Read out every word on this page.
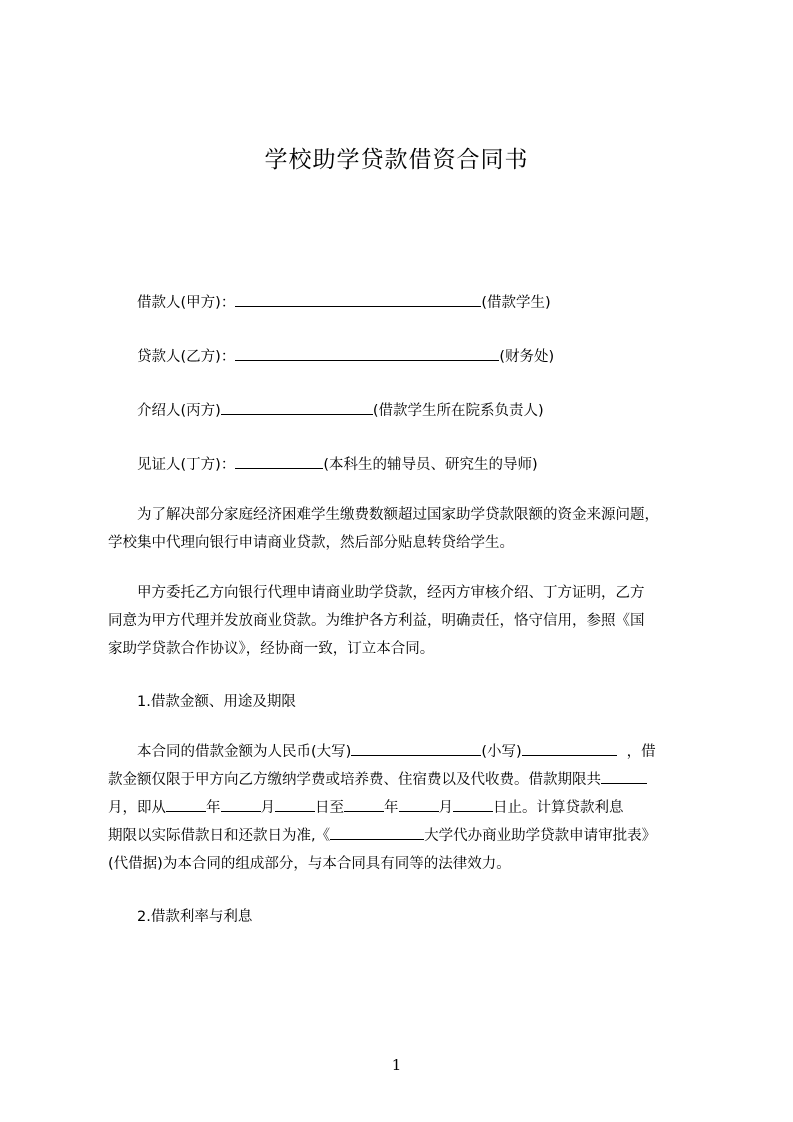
学校助学贷款借资合同书
借款人(甲方)：	(借款学生)
贷款人(乙方)：	(财务处)
介绍人(丙方)	(借款学生所在院系负责人)
见证人(丁方)：	(本科生的辅导员、研究生的导师)
为了解决部分家庭经济困难学生缴费数额超过国家助学贷款限额的资金来源问题，
学校集中代理向银行申请商业贷款，然后部分贴息转贷给学生。
甲方委托乙方向银行代理申请商业助学贷款，经丙方审核介绍、丁方证明，乙方
同意为甲方代理并发放商业贷款。为维护各方利益，明确责任，恪守信用，参照《国
家助学贷款合作协议》，经协商一致，订立本合同。
1.借款金额、用途及期限
本合同的借款金额为人民币(大写)	(小写)	，借
款金额仅限于甲方向乙方缴纳学费或培养费、住宿费以及代收费。借款期限共
月，即从	年	月	日至	年	月	日止。计算贷款利息
期限以实际借款日和还款日为准,《	大学代办商业助学贷款申请审批表》
(代借据)为本合同的组成部分，与本合同具有同等的法律效力。
2.借款利率与利息
1
